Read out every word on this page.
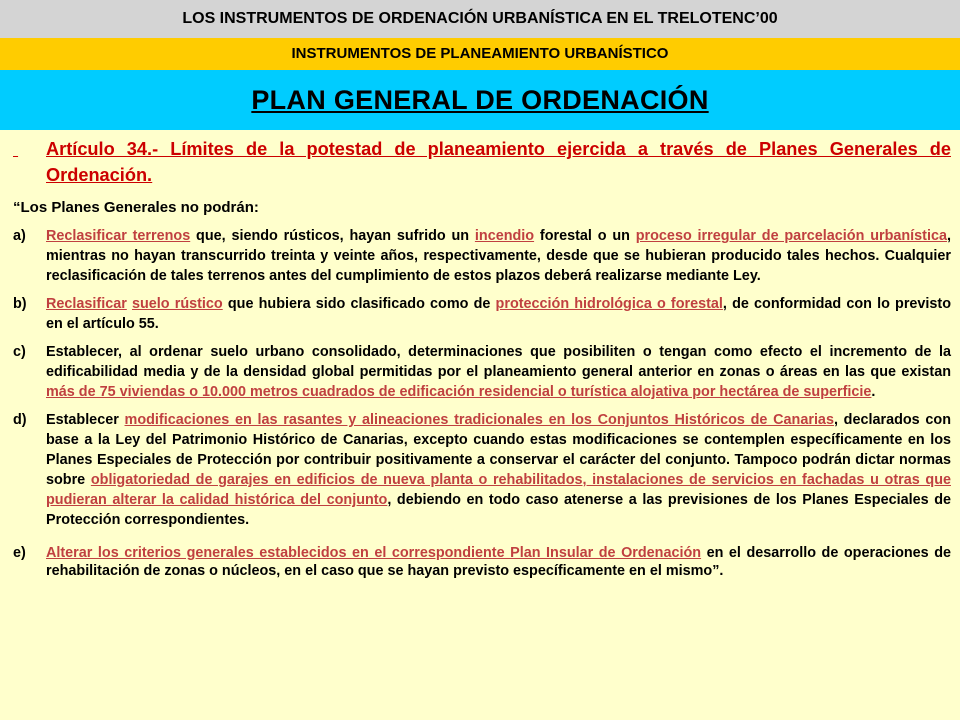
LOS INSTRUMENTOS DE ORDENACIÓN URBANÍSTICA EN EL TRELOTENC’00
INSTRUMENTOS DE PLANEAMIENTO URBANÍSTICO
PLAN GENERAL DE ORDENACIÓN

Artículo 34.- Límites de la potestad de planeamiento ejercida a través de Planes Generales de Ordenación.

“Los Planes Generales no podrán:

a) Reclasificar terrenos que, siendo rústicos, hayan sufrido un incendio forestal o un proceso irregular de parcelación urbanística, mientras no hayan transcurrido treinta y veinte años, respectivamente, desde que se hubieran producido tales hechos. Cualquier reclasificación de tales terrenos antes del cumplimiento de estos plazos deberá realizarse mediante Ley.
b) Reclasificar suelo rústico que hubiera sido clasificado como de protección hidrológica o forestal, de conformidad con lo previsto en el artículo 55.
c) Establecer, al ordenar suelo urbano consolidado, determinaciones que posibiliten o tengan como efecto el incremento de la edificabilidad media y de la densidad global permitidas por el planeamiento general anterior en zonas o áreas en las que existan más de 75 viviendas o 10.000 metros cuadrados de edificación residencial o turística alojativa por hectárea de superficie.
d) Establecer modificaciones en las rasantes y alineaciones tradicionales en los Conjuntos Históricos de Canarias, declarados con base a la Ley del Patrimonio Histórico de Canarias, excepto cuando estas modificaciones se contemplen específicamente en los Planes Especiales de Protección por contribuir positivamente a conservar el carácter del conjunto. Tampoco podrán dictar normas sobre obligatoriedad de garajes en edificios de nueva planta o rehabilitados, instalaciones de servicios en fachadas u otras que pudieran alterar la calidad histórica del conjunto, debiendo en todo caso atenerse a las previsiones de los Planes Especiales de Protección correspondientes.
e) Alterar los criterios generales establecidos en el correspondiente Plan Insular de Ordenación en el desarrollo de operaciones de rehabilitación de zonas o núcleos, en el caso que se hayan previsto específicamente en el mismo”.
